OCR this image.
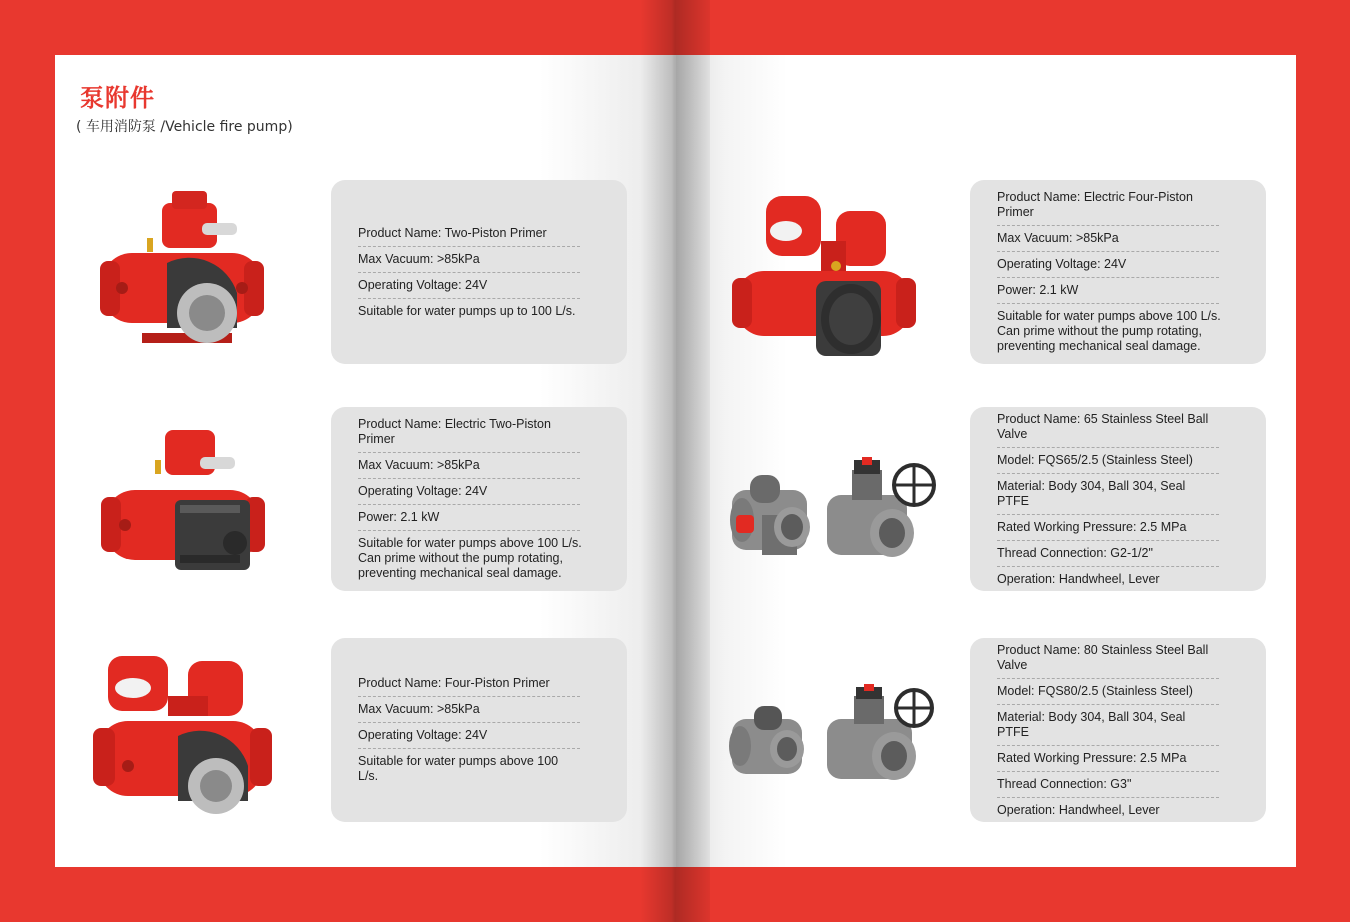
泵附件
( 车用消防泵 /Vehicle fire pump)
Product Name: Two-Piston Primer
Max Vacuum: >85kPa
Operating Voltage: 24V
Suitable for water pumps up to 100 L/s.
Product Name: Electric Two-Piston Primer
Max Vacuum: >85kPa
Operating Voltage: 24V
Power: 2.1 kW
Suitable for water pumps above 100 L/s. Can prime without the pump rotating, preventing mechanical seal damage.
Product Name: Four-Piston Primer
Max Vacuum: >85kPa
Operating Voltage: 24V
Suitable for water pumps above 100 L/s.
Product Name: Electric Four-Piston Primer
Max Vacuum: >85kPa
Operating Voltage: 24V
Power: 2.1 kW
Suitable for water pumps above 100 L/s. Can prime without the pump rotating, preventing mechanical seal damage.
Product Name: 65 Stainless Steel Ball Valve
Model: FQS65/2.5 (Stainless Steel)
Material: Body 304, Ball 304, Seal PTFE
Rated Working Pressure: 2.5 MPa
Thread Connection: G2-1/2"
Operation: Handwheel, Lever
Product Name: 80 Stainless Steel Ball Valve
Model: FQS80/2.5 (Stainless Steel)
Material: Body 304, Ball 304, Seal PTFE
Rated Working Pressure: 2.5 MPa
Thread Connection: G3"
Operation: Handwheel, Lever
